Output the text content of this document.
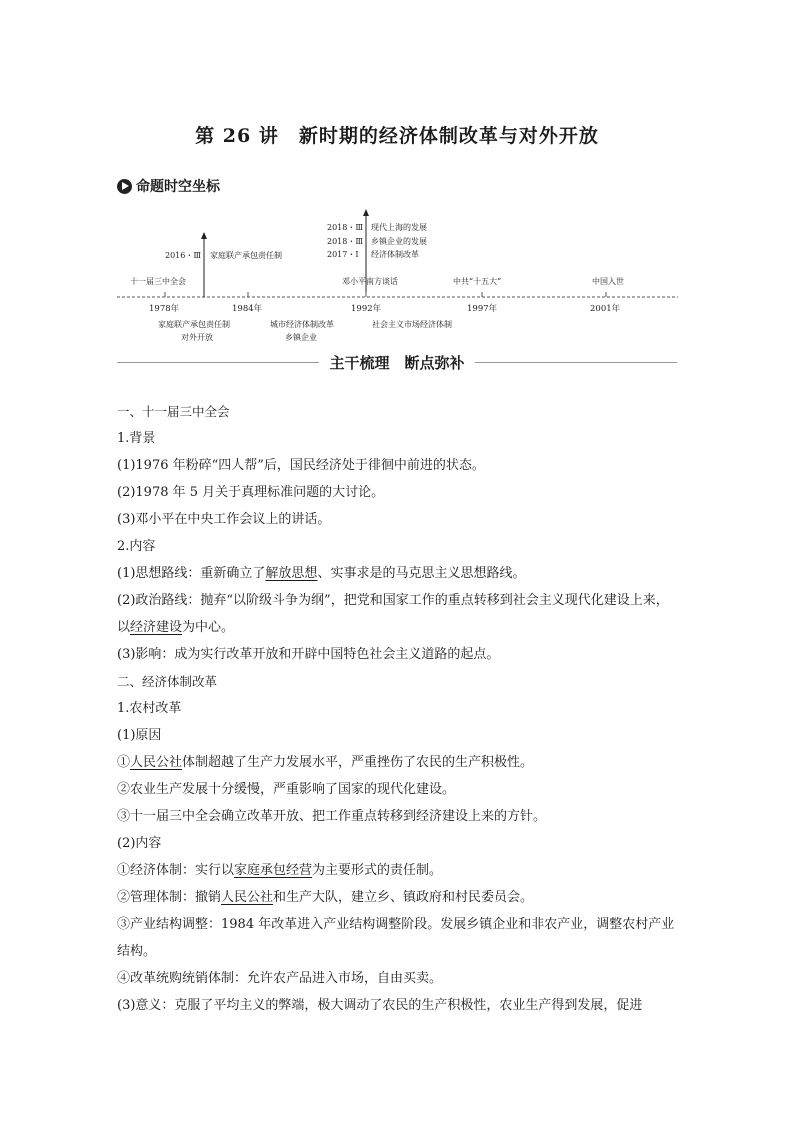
第 26 讲　新时期的经济体制改革与对外开放
命题时空坐标
十一届三中全会
2016・Ⅲ 家庭联产承包责任制
2018・Ⅲ
2018・Ⅲ
2017・Ⅰ
现代上海的发展
乡镇企业的发展
经济体制改革
邓小平南方谈话	中共“十五大”	中国入世
1978年	1984年	1992年	1997年	2001年
家庭联产承包责任制
对外开放
城市经济体制改革
乡镇企业
社会主义市场经济体制
主干梳理　断点弥补

一、十一届三中全会

1.背景

(1)1976 年粉碎“四人帮”后，国民经济处于徘徊中前进的状态。

(2)1978 年 5 月关于真理标准问题的大讨论。

(3)邓小平在中央工作会议上的讲话。

2.内容

(1)思想路线：重新确立了解放思想、实事求是的马克思主义思想路线。

(2)政治路线：抛弃“以阶级斗争为纲”，把党和国家工作的重点转移到社会主义现代化建设上来，以经济建设为中心。

(3)影响：成为实行改革开放和开辟中国特色社会主义道路的起点。

二、经济体制改革

1.农村改革

(1)原因

①人民公社体制超越了生产力发展水平，严重挫伤了农民的生产积极性。

②农业生产发展十分缓慢，严重影响了国家的现代化建设。

③十一届三中全会确立改革开放、把工作重点转移到经济建设上来的方针。

(2)内容

①经济体制：实行以家庭承包经营为主要形式的责任制。

②管理体制：撤销人民公社和生产大队，建立乡、镇政府和村民委员会。

③产业结构调整：1984 年改革进入产业结构调整阶段。发展乡镇企业和非农产业，调整农村产业结构。

④改革统购统销体制：允许农产品进入市场，自由买卖。

(3)意义：克服了平均主义的弊端，极大调动了农民的生产积极性，农业生产得到发展，促进
